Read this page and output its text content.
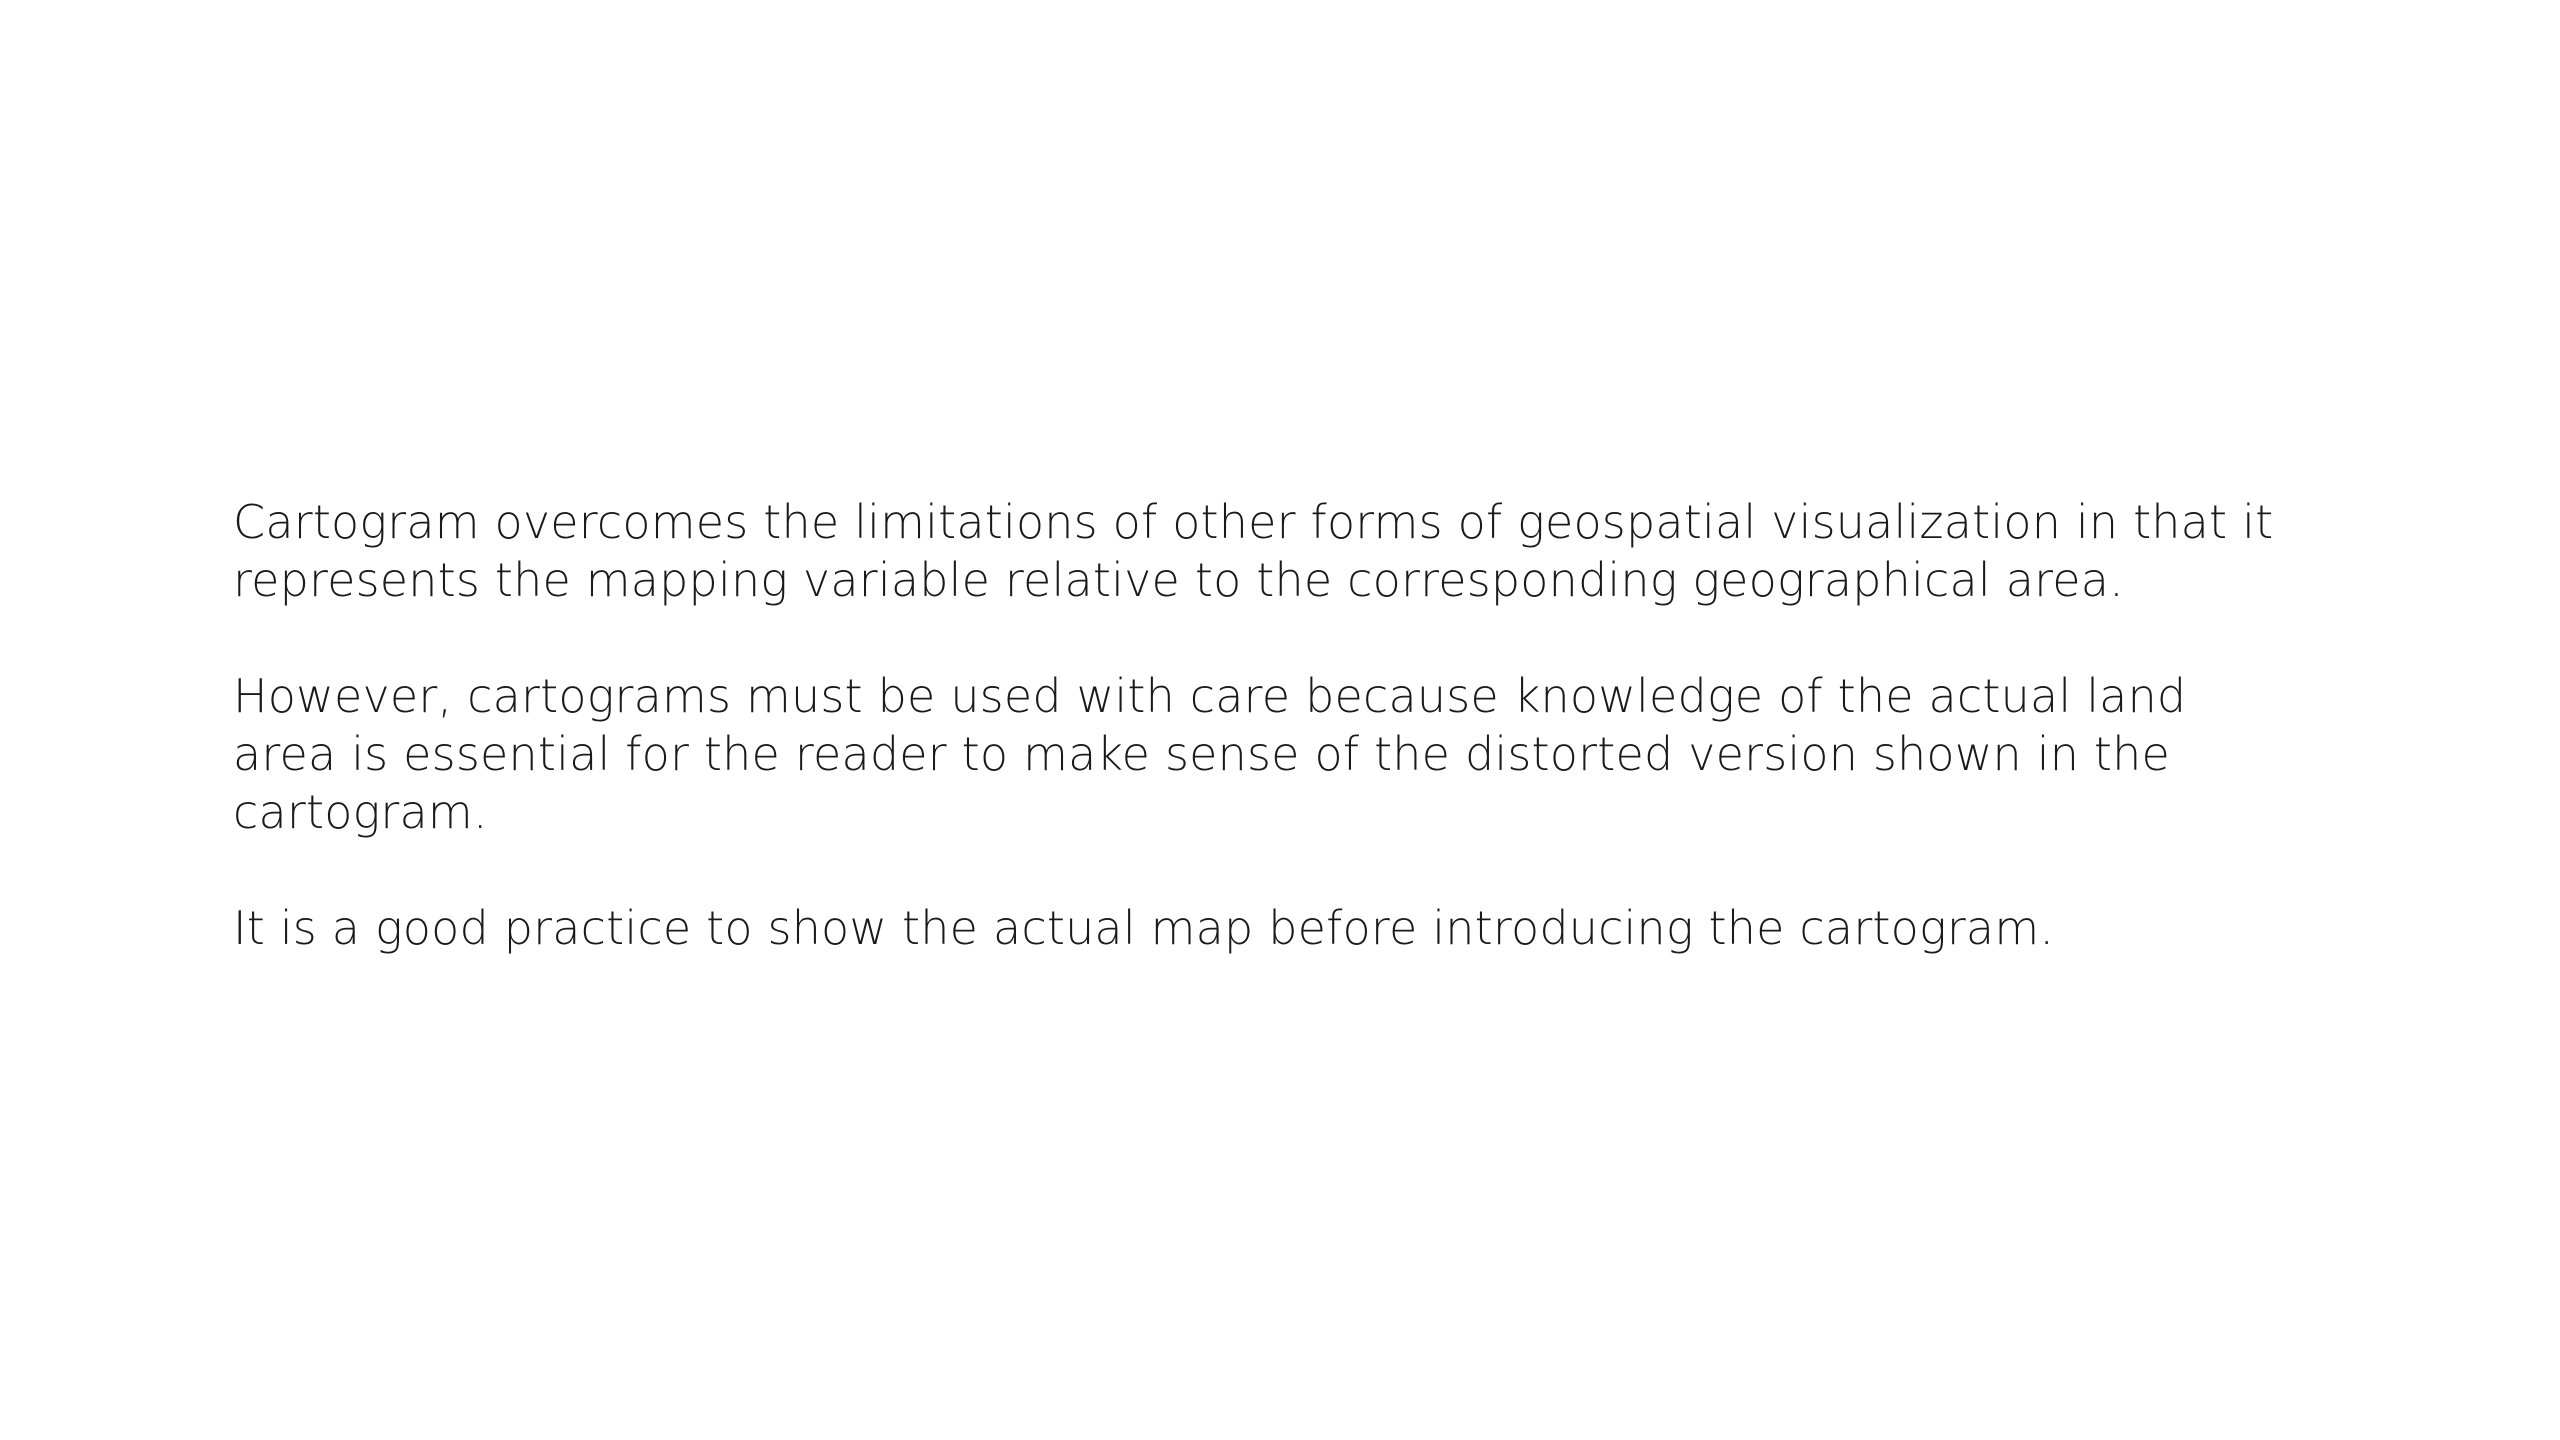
Cartogram overcomes the limitations of other forms of geospatial visualization in that it
represents the mapping variable relative to the corresponding geographical area.

However, cartograms must be used with care because knowledge of the actual land
area is essential for the reader to make sense of the distorted version shown in the
cartogram.

It is a good practice to show the actual map before introducing the cartogram.
